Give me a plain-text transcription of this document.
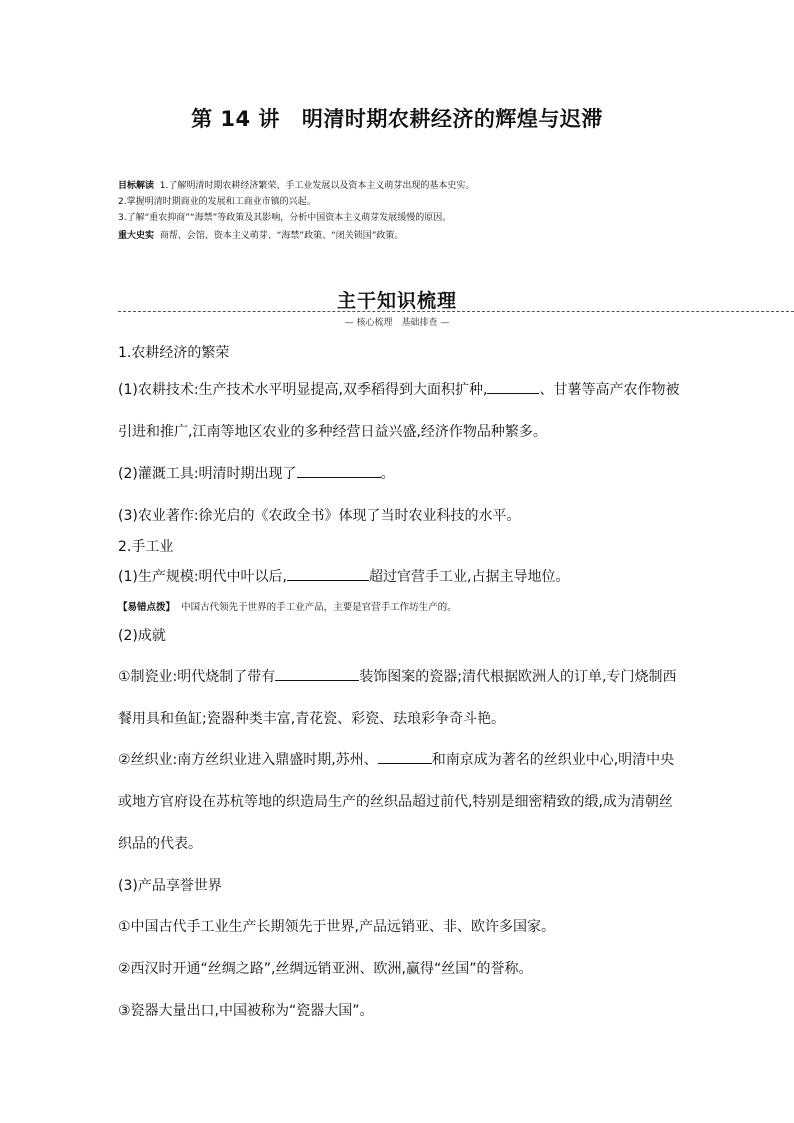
第 14 讲 明清时期农耕经济的辉煌与迟滞
目标解读 1.了解明清时期农耕经济繁荣、手工业发展以及资本主义萌芽出现的基本史实。
2.掌握明清时期商业的发展和工商业市镇的兴起。
3.了解“重农抑商”“海禁”等政策及其影响，分析中国资本主义萌芽发展缓慢的原因。
重大史实 商帮、会馆、资本主义萌芽、“海禁”政策、“闭关锁国”政策。
主干知识梳理
— 核心梳理　基础排查 —
1.农耕经济的繁荣
(1)农耕技术:生产技术水平明显提高,双季稻得到大面积扩种,	、甘薯等高产农作物被
引进和推广,江南等地区农业的多种经营日益兴盛,经济作物品种繁多。
(2)灌溉工具:明清时期出现了	。
(3)农业著作:徐光启的《农政全书》体现了当时农业科技的水平。
2.手工业
(1)生产规模:明代中叶以后,	超过官营手工业,占据主导地位。
【易错点拨】 中国古代领先于世界的手工业产品，主要是官营手工作坊生产的。
(2)成就
①制瓷业:明代烧制了带有	装饰图案的瓷器;清代根据欧洲人的订单,专门烧制西
餐用具和鱼缸;瓷器种类丰富,青花瓷、彩瓷、珐琅彩争奇斗艳。
②丝织业:南方丝织业进入鼎盛时期,苏州、	和南京成为著名的丝织业中心,明清中央
或地方官府设在苏杭等地的织造局生产的丝织品超过前代,特别是细密精致的缎,成为清朝丝
织品的代表。
(3)产品享誉世界
①中国古代手工业生产长期领先于世界,产品远销亚、非、欧许多国家。
②西汉时开通“丝绸之路”,丝绸远销亚洲、欧洲,赢得“丝国”的誉称。
③瓷器大量出口,中国被称为“瓷器大国”。
